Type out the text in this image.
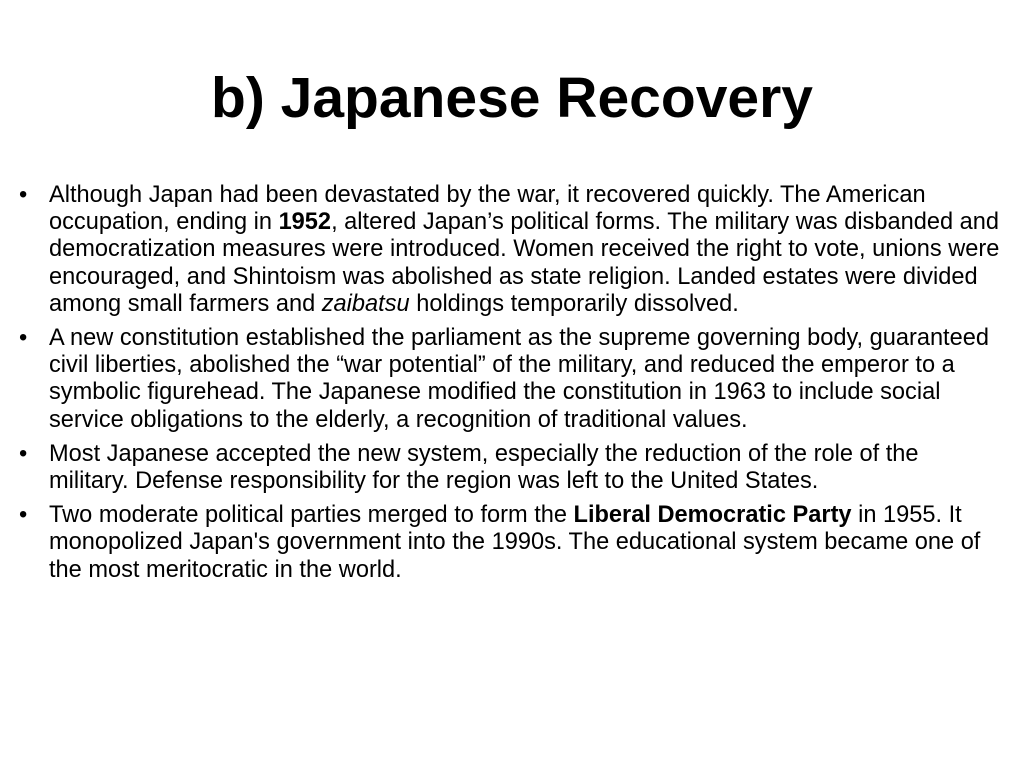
b) Japanese Recovery
• Although Japan had been devastated by the war, it recovered quickly. The American occupation, ending in 1952, altered Japan’s political forms. The military was disbanded and democratization measures were introduced. Women received the right to vote, unions were encouraged, and Shintoism was abolished as state religion. Landed estates were divided among small farmers and zaibatsu holdings temporarily dissolved.
• A new constitution established the parliament as the supreme governing body, guaranteed civil liberties, abolished the “war potential” of the military, and reduced the emperor to a symbolic figurehead. The Japanese modified the constitution in 1963 to include social service obligations to the elderly, a recognition of traditional values.
• Most Japanese accepted the new system, especially the reduction of the role of the military. Defense responsibility for the region was left to the United States.
• Two moderate political parties merged to form the Liberal Democratic Party in 1955. It monopolized Japan's government into the 1990s. The educational system became one of the most meritocratic in the world.
